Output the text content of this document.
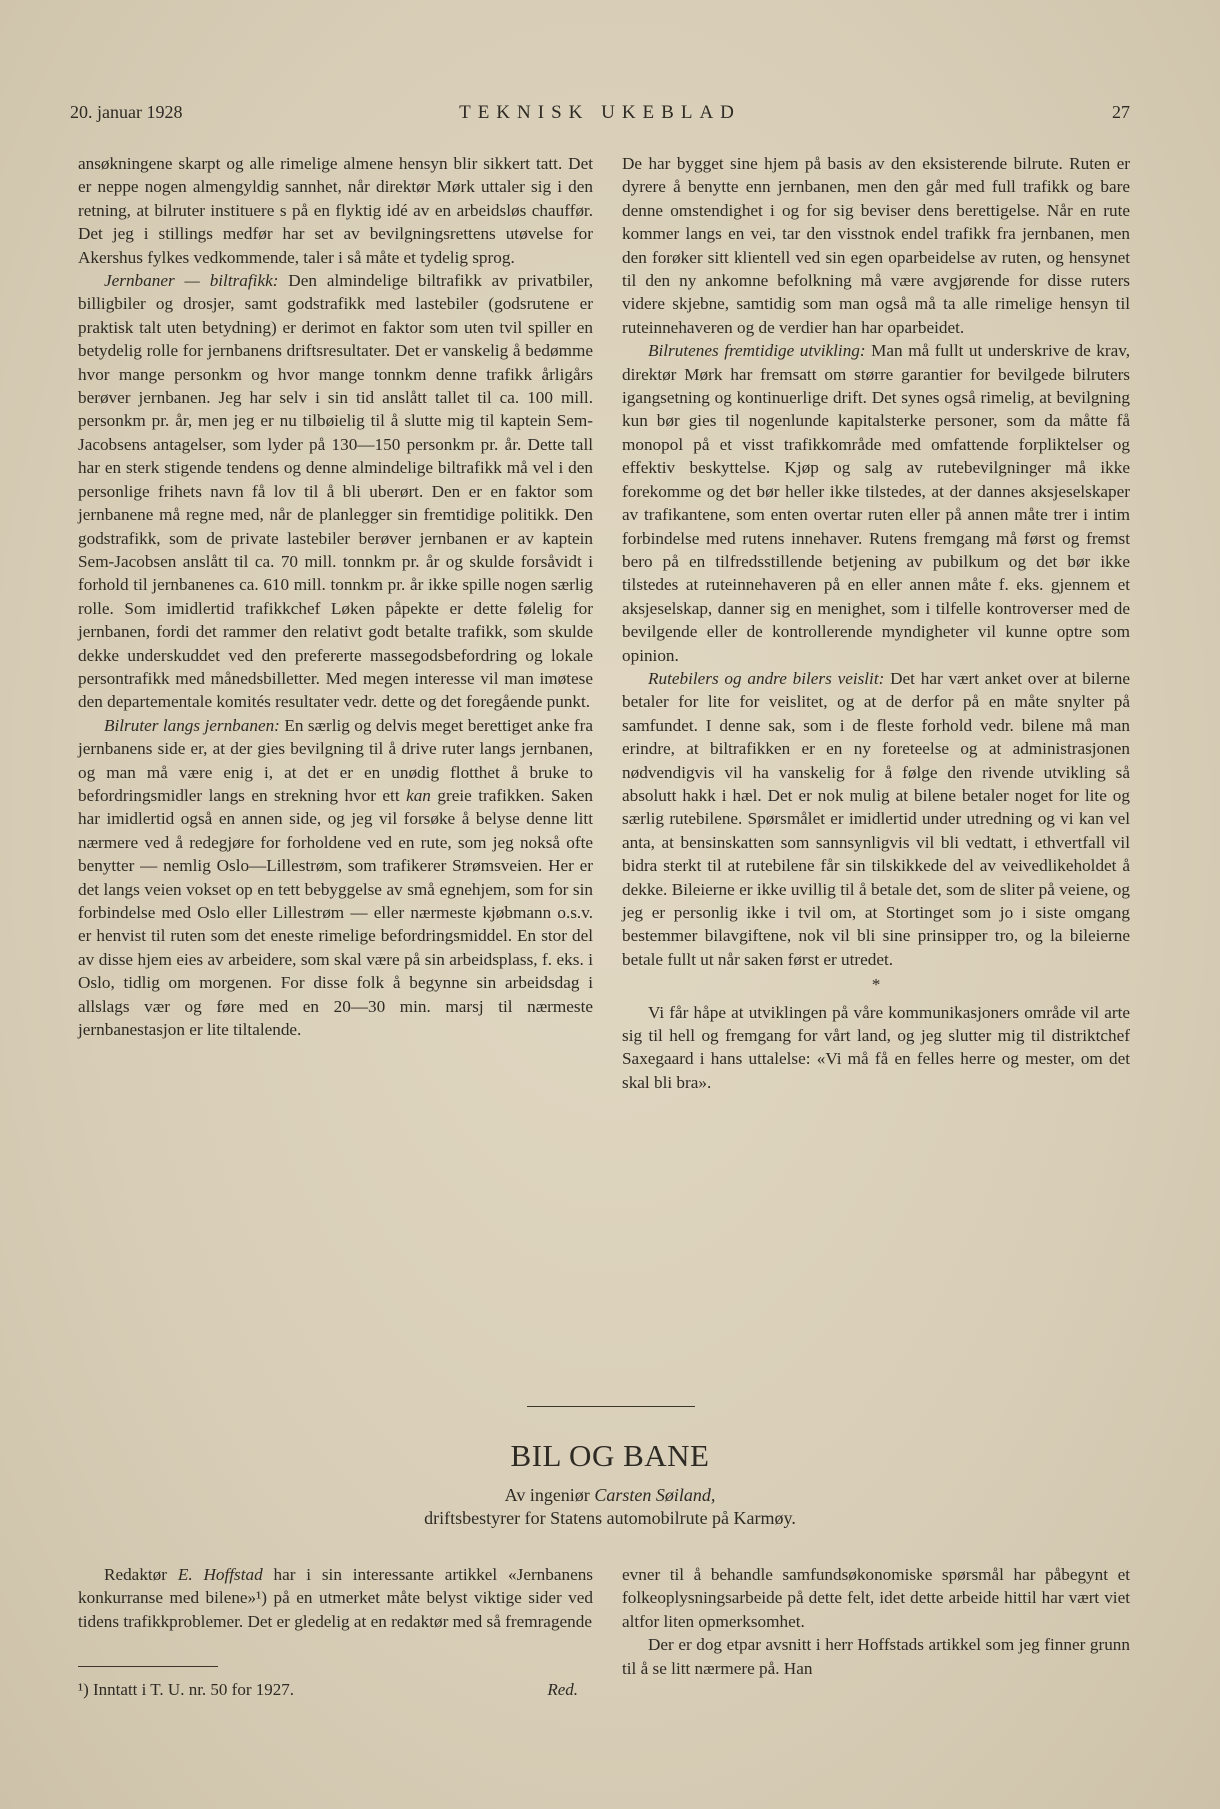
20. januar 1928	TEKNISK UKEBLAD	27

ansøkningene skarpt og alle rimelige almene hensyn blir sikkert tatt. Det er neppe nogen almengyldig sannhet, når direktør Mørk uttaler sig i den retning, at bilruter instituere s på en flyktig idé av en arbeidsløs chauffør. Det jeg i stillings medfør har set av bevilgningsrettens utøvelse for Akershus fylkes vedkommende, taler i så måte et tydelig sprog.

Jernbaner — biltrafikk: Den almindelige biltrafikk av privatbiler, billigbiler og drosjer, samt godstrafikk med lastebiler (godsrutene er praktisk talt uten betydning) er derimot en faktor som uten tvil spiller en betydelig rolle for jernbanens driftsresultater. Det er vanskelig å bedømme hvor mange personkm og hvor mange tonnkm denne trafikk årligårs berøver jernbanen. Jeg har selv i sin tid anslått tallet til ca. 100 mill. personkm pr. år, men jeg er nu tilbøielig til å slutte mig til kaptein Sem-Jacobsens antagelser, som lyder på 130—150 personkm pr. år. Dette tall har en sterk stigende tendens og denne almindelige biltrafikk må vel i den personlige frihets navn få lov til å bli uberørt. Den er en faktor som jernbanene må regne med, når de planlegger sin fremtidige politikk. Den godstrafikk, som de private lastebiler berøver jernbanen er av kaptein Sem-Jacobsen anslått til ca. 70 mill. tonnkm pr. år og skulde forsåvidt i forhold til jernbanenes ca. 610 mill. tonnkm pr. år ikke spille nogen særlig rolle. Som imidlertid trafikkchef Løken påpekte er dette følelig for jernbanen, fordi det rammer den relativt godt betalte trafikk, som skulde dekke underskuddet ved den prefererte massegodsbefordring og lokale persontrafikk med månedsbilletter. Med megen interesse vil man imøtese den departementale komités resultater vedr. dette og det foregående punkt.

Bilruter langs jernbanen: En særlig og delvis meget berettiget anke fra jernbanens side er, at der gies bevilgning til å drive ruter langs jernbanen, og man må være enig i, at det er en unødig flotthet å bruke to befordringsmidler langs en strekning hvor ett kan greie trafikken. Saken har imidlertid også en annen side, og jeg vil forsøke å belyse denne litt nærmere ved å redegjøre for forholdene ved en rute, som jeg nokså ofte benytter — nemlig Oslo—Lillestrøm, som trafikerer Strømsveien. Her er det langs veien vokset op en tett bebyggelse av små egnehjem, som for sin forbindelse med Oslo eller Lillestrøm — eller nærmeste kjøbmann o.s.v. er henvist til ruten som det eneste rimelige befordringsmiddel. En stor del av disse hjem eies av arbeidere, som skal være på sin arbeidsplass, f. eks. i Oslo, tidlig om morgenen. For disse folk å begynne sin arbeidsdag i allslags vær og føre med en 20—30 min. marsj til nærmeste jernbanestasjon er lite tiltalende.

De har bygget sine hjem på basis av den eksisterende bilrute. Ruten er dyrere å benytte enn jernbanen, men den går med full trafikk og bare denne omstendighet i og for sig beviser dens berettigelse. Når en rute kommer langs en vei, tar den visstnok endel trafikk fra jernbanen, men den forøker sitt klientell ved sin egen oparbeidelse av ruten, og hensynet til den ny ankomne befolkning må være avgjørende for disse ruters videre skjebne, samtidig som man også må ta alle rimelige hensyn til ruteinnehaveren og de verdier han har oparbeidet.

Bilrutenes fremtidige utvikling: Man må fullt ut underskrive de krav, direktør Mørk har fremsatt om større garantier for bevilgede bilruters igangsetning og kontinuerlige drift. Det synes også rimelig, at bevilgning kun bør gies til nogenlunde kapitalsterke personer, som da måtte få monopol på et visst trafikkområde med omfattende forpliktelser og effektiv beskyttelse. Kjøp og salg av rutebevilgninger må ikke forekomme og det bør heller ikke tilstedes, at der dannes aksjeselskaper av trafikantene, som enten overtar ruten eller på annen måte trer i intim forbindelse med rutens innehaver. Rutens fremgang må først og fremst bero på en tilfredsstillende betjening av pubilkum og det bør ikke tilstedes at ruteinnehaveren på en eller annen måte f. eks. gjennem et aksjeselskap, danner sig en menighet, som i tilfelle kontroverser med de bevilgende eller de kontrollerende myndigheter vil kunne optre som opinion.

Rutebilers og andre bilers veislit: Det har vært anket over at bilerne betaler for lite for veislitet, og at de derfor på en måte snylter på samfundet. I denne sak, som i de fleste forhold vedr. bilene må man erindre, at biltrafikken er en ny foreteelse og at administrasjonen nødvendigvis vil ha vanskelig for å følge den rivende utvikling så absolutt hakk i hæl. Det er nok mulig at bilene betaler noget for lite og særlig rutebilene. Spørsmålet er imidlertid under utredning og vi kan vel anta, at bensinskatten som sannsynligvis vil bli vedtatt, i ethvertfall vil bidra sterkt til at rutebilene får sin tilskikkede del av veivedlikeholdet å dekke. Bileierne er ikke uvillig til å betale det, som de sliter på veiene, og jeg er personlig ikke i tvil om, at Stortinget som jo i siste omgang bestemmer bilavgiftene, nok vil bli sine prinsipper tro, og la bileierne betale fullt ut når saken først er utredet.

*

Vi får håpe at utviklingen på våre kommunikasjoners område vil arte sig til hell og fremgang for vårt land, og jeg slutter mig til distriktchef Saxegaard i hans uttalelse: «Vi må få en felles herre og mester, om det skal bli bra».

BIL OG BANE
Av ingeniør Carsten Søiland,
driftsbestyrer for Statens automobilrute på Karmøy.

Redaktør E. Hoffstad har i sin interessante artikkel «Jernbanens konkurranse med bilene»¹) på en utmerket måte belyst viktige sider ved tidens trafikkproblemer. Det er gledelig at en redaktør med så fremragende

¹) Inntatt i T. U. nr. 50 for 1927.	Red.

evner til å behandle samfundsøkonomiske spørsmål har påbegynt et folkeoplysningsarbeide på dette felt, idet dette arbeide hittil har vært viet altfor liten opmerksomhet.

Der er dog etpar avsnitt i herr Hoffstads artikkel som jeg finner grunn til å se litt nærmere på. Han
